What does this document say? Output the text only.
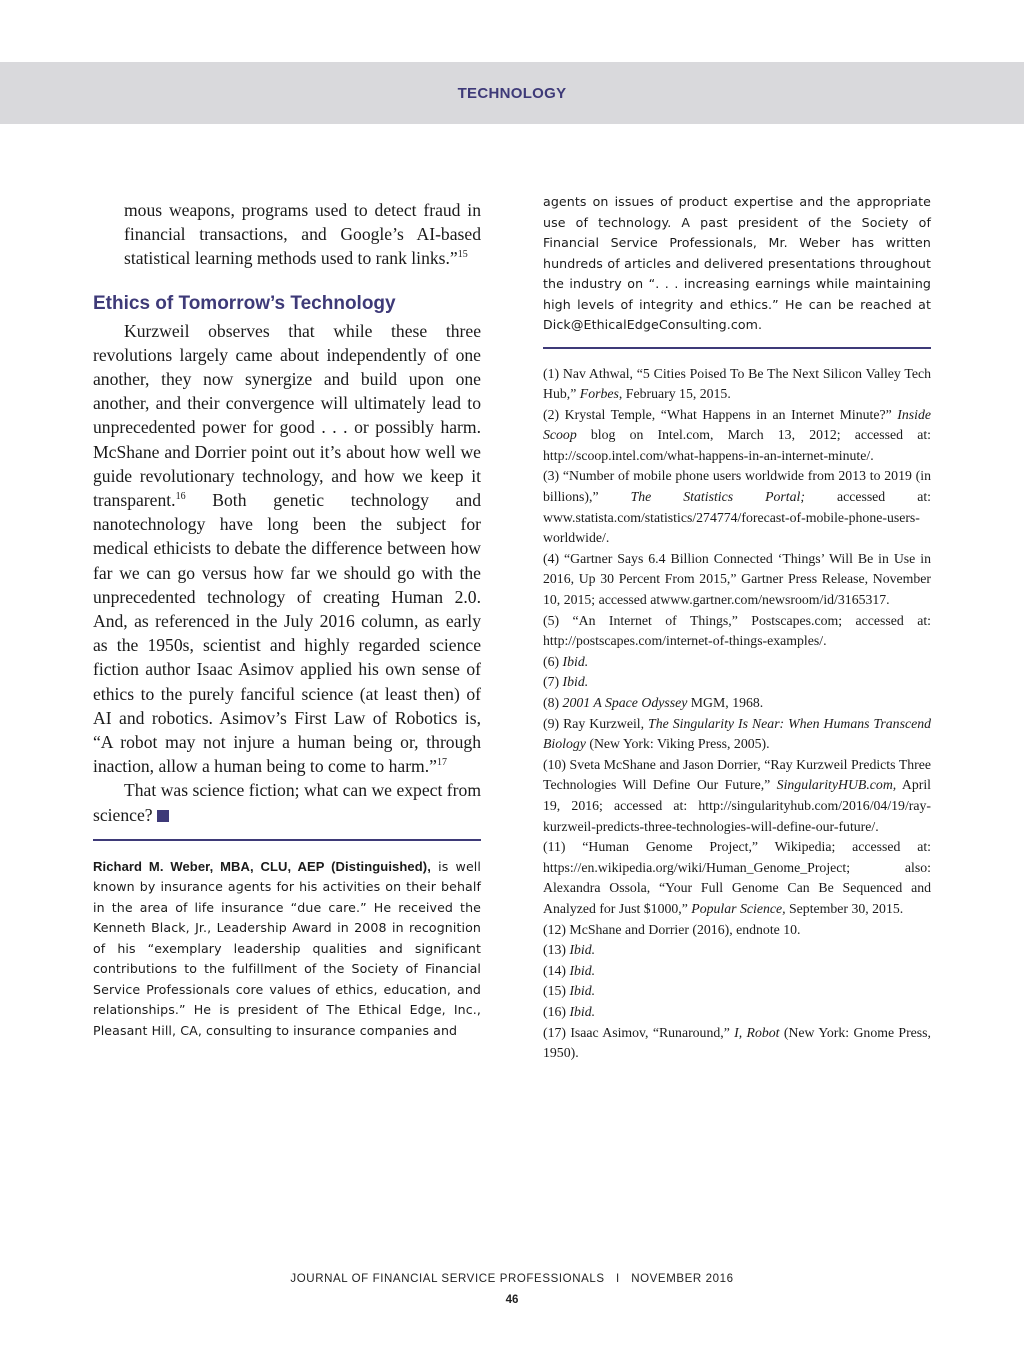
TECHNOLOGY

mous weapons, programs used to detect fraud in financial transactions, and Google’s AI-based statistical learning methods used to rank links.”$^{15}$

Ethics of Tomorrow’s Technology

Kurzweil observes that while these three revolutions largely came about independently of one another, they now synergize and build upon one another, and their convergence will ultimately lead to unprecedented power for good . . . or possibly harm. McShane and Dorrier point out it’s about how well we guide revolutionary technology, and how we keep it transparent.$^{16}$ Both genetic technology and nanotechnology have long been the subject for medical ethicists to debate the difference between how far we can go versus how far we should go with the unprecedented technology of creating Human 2.0. And, as referenced in the July 2016 column, as early as the 1950s, scientist and highly regarded science fiction author Isaac Asimov applied his own sense of ethics to the purely fanciful science (at least then) of AI and robotics. Asimov’s First Law of Robotics is, “A robot may not injure a human being or, through inaction, allow a human being to come to harm.”$^{17}$

That was science fiction; what can we expect from science?

Richard M. Weber, MBA, CLU, AEP (Distinguished), is well known by insurance agents for his activities on their behalf in the area of life insurance “due care.” He received the Kenneth Black, Jr., Leadership Award in 2008 in recognition of his “exemplary leadership qualities and significant contributions to the fulfillment of the Society of Financial Service Professionals core values of ethics, education, and relationships.” He is president of The Ethical Edge, Inc., Pleasant Hill, CA, consulting to insurance companies and

agents on issues of product expertise and the appropriate use of technology. A past president of the Society of Financial Service Professionals, Mr. Weber has written hundreds of articles and delivered presentations throughout the industry on “. . . increasing earnings while maintaining high levels of integrity and ethics.” He can be reached at Dick@EthicalEdgeConsulting.com.

(1) Nav Athwal, “5 Cities Poised To Be The Next Silicon Valley Tech Hub,” Forbes, February 15, 2015.

(2) Krystal Temple, “What Happens in an Internet Minute?” Inside Scoop blog on Intel.com, March 13, 2012; accessed at: http://scoop.intel.com/what-happens-in-an-internet-minute/.

(3) “Number of mobile phone users worldwide from 2013 to 2019 (in billions),” The Statistics Portal; accessed at: www.statista.com/statistics/274774/forecast-of-mobile-phone-users-worldwide/.

(4) “Gartner Says 6.4 Billion Connected ‘Things’ Will Be in Use in 2016, Up 30 Percent From 2015,” Gartner Press Release, November 10, 2015; accessed atwww.gartner.com/newsroom/id/3165317.

(5) “An Internet of Things,” Postscapes.com; accessed at: http://postscapes.com/internet-of-things-examples/.

(6) Ibid.

(7) Ibid.

(8) 2001 A Space Odyssey MGM, 1968.

(9) Ray Kurzweil, The Singularity Is Near: When Humans Transcend Biology (New York: Viking Press, 2005).

(10) Sveta McShane and Jason Dorrier, “Ray Kurzweil Predicts Three Technologies Will Define Our Future,” SingularityHUB.com, April 19, 2016; accessed at: http://singularityhub.com/2016/04/19/ray-kurzweil-predicts-three-technologies-will-define-our-future/.

(11) “Human Genome Project,” Wikipedia; accessed at: https://en.wikipedia.org/wiki/Human_Genome_Project; also: Alexandra Ossola, “Your Full Genome Can Be Sequenced and Analyzed for Just $1000,” Popular Science, September 30, 2015.

(12) McShane and Dorrier (2016), endnote 10.

(13) Ibid.

(14) Ibid.

(15) Ibid.

(16) Ibid.

(17) Isaac Asimov, “Runaround,” I, Robot (New York: Gnome Press, 1950).

JOURNAL OF FINANCIAL SERVICE PROFESSIONALS   I   NOVEMBER 2016
46
